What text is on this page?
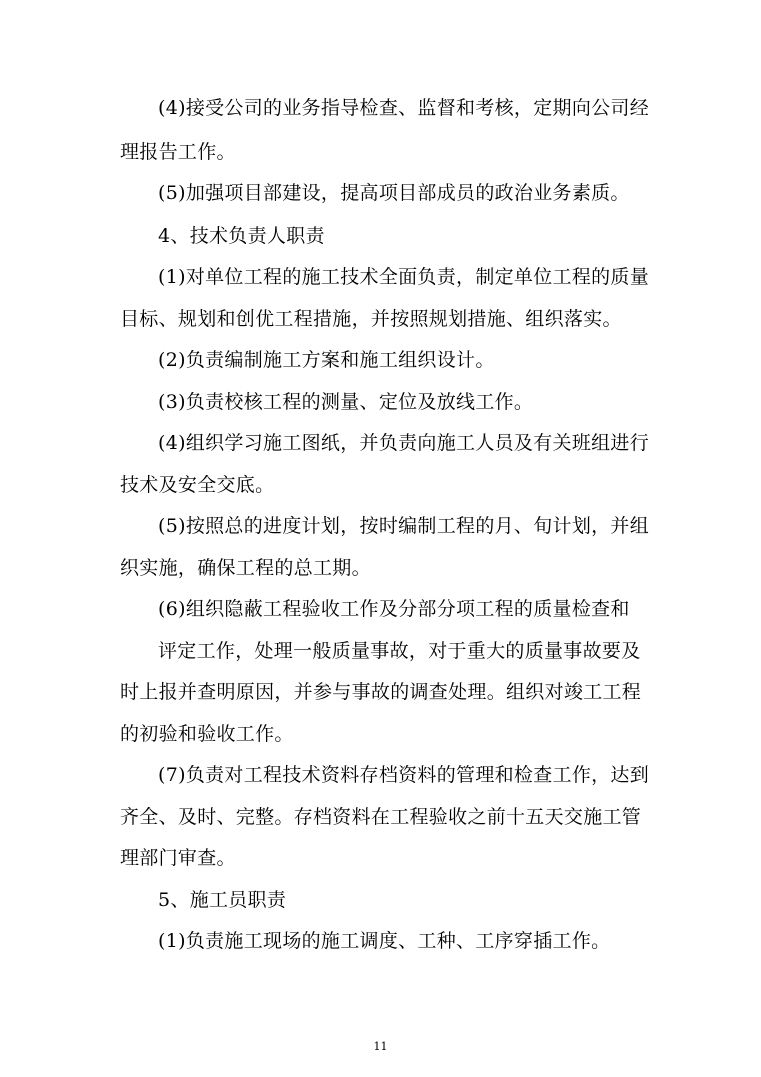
(4)接受公司的业务指导检查、监督和考核，定期向公司经
理报告工作。
(5)加强项目部建设，提高项目部成员的政治业务素质。
4、技术负责人职责
(1)对单位工程的施工技术全面负责，制定单位工程的质量
目标、规划和创优工程措施，并按照规划措施、组织落实。
(2)负责编制施工方案和施工组织设计。
(3)负责校核工程的测量、定位及放线工作。
(4)组织学习施工图纸，并负责向施工人员及有关班组进行
技术及安全交底。
(5)按照总的进度计划，按时编制工程的月、旬计划，并组
织实施，确保工程的总工期。
(6)组织隐蔽工程验收工作及分部分项工程的质量检查和
评定工作，处理一般质量事故，对于重大的质量事故要及
时上报并查明原因，并参与事故的调查处理。组织对竣工工程
的初验和验收工作。
(7)负责对工程技术资料存档资料的管理和检查工作，达到
齐全、及时、完整。存档资料在工程验收之前十五天交施工管
理部门审查。
5、施工员职责
(1)负责施工现场的施工调度、工种、工序穿插工作。
11
